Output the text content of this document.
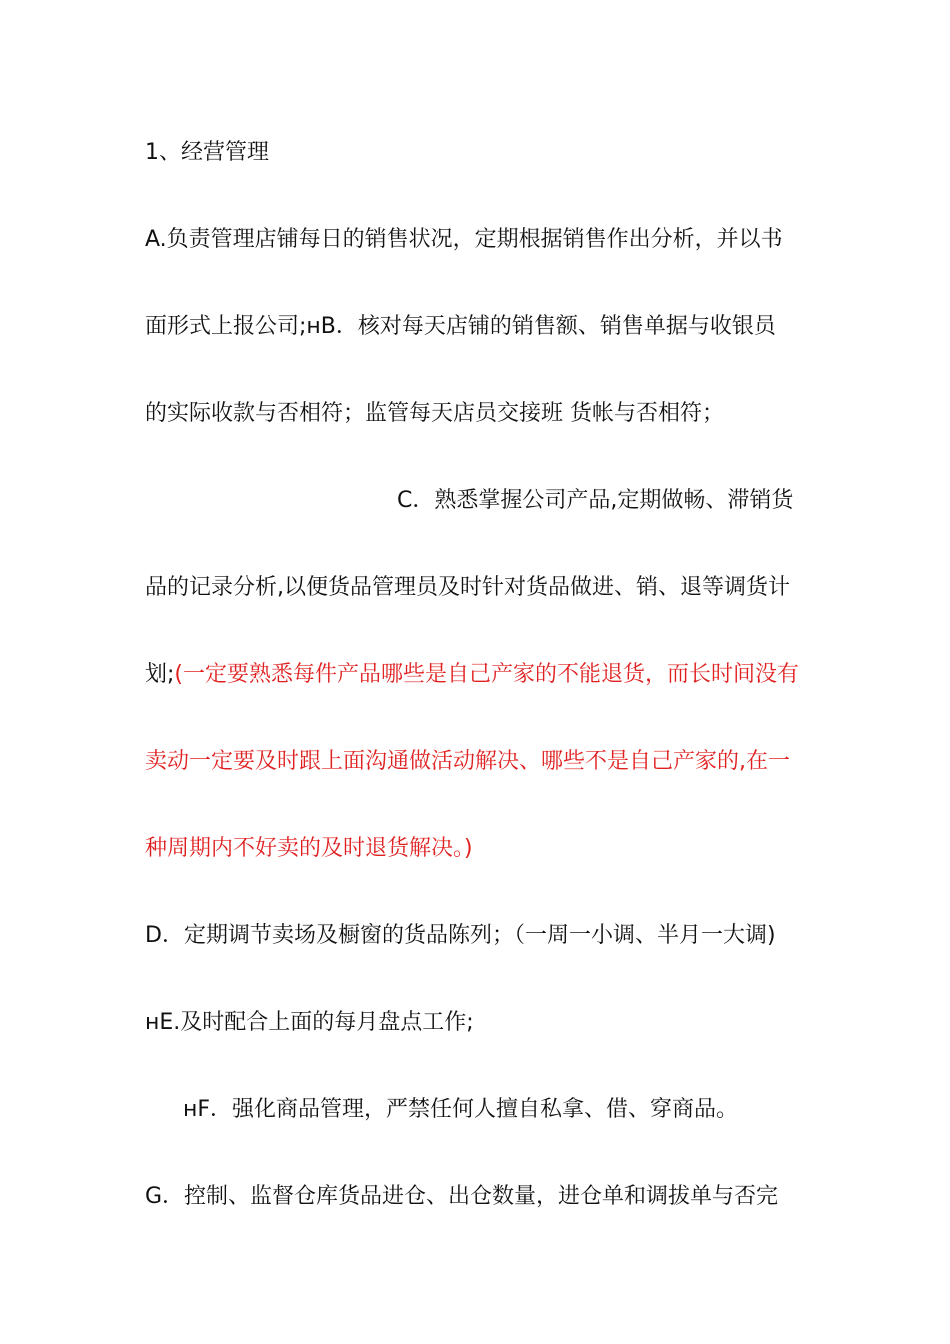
1、经营管理
A.负责管理店铺每日的销售状况，定期根据销售作出分析，并以书
面形式上报公司;ʜB．核对每天店铺的销售额、销售单据与收银员
的实际收款与否相符；监管每天店员交接班 货帐与否相符；
C．熟悉掌握公司产品,定期做畅、滞销货
品的记录分析,以便货品管理员及时针对货品做进、销、退等调货计
划;(一定要熟悉每件产品哪些是自己产家的不能退货，而长时间没有
卖动一定要及时跟上面沟通做活动解决、哪些不是自己产家的,在一
种周期内不好卖的及时退货解决。)
D．定期调节卖场及橱窗的货品陈列；（一周一小调、半月一大调)
ʜE.及时配合上面的每月盘点工作;
ʜF．强化商品管理，严禁任何人擅自私拿、借、穿商品。
G．控制、监督仓库货品进仓、出仓数量，进仓单和调拔单与否完
